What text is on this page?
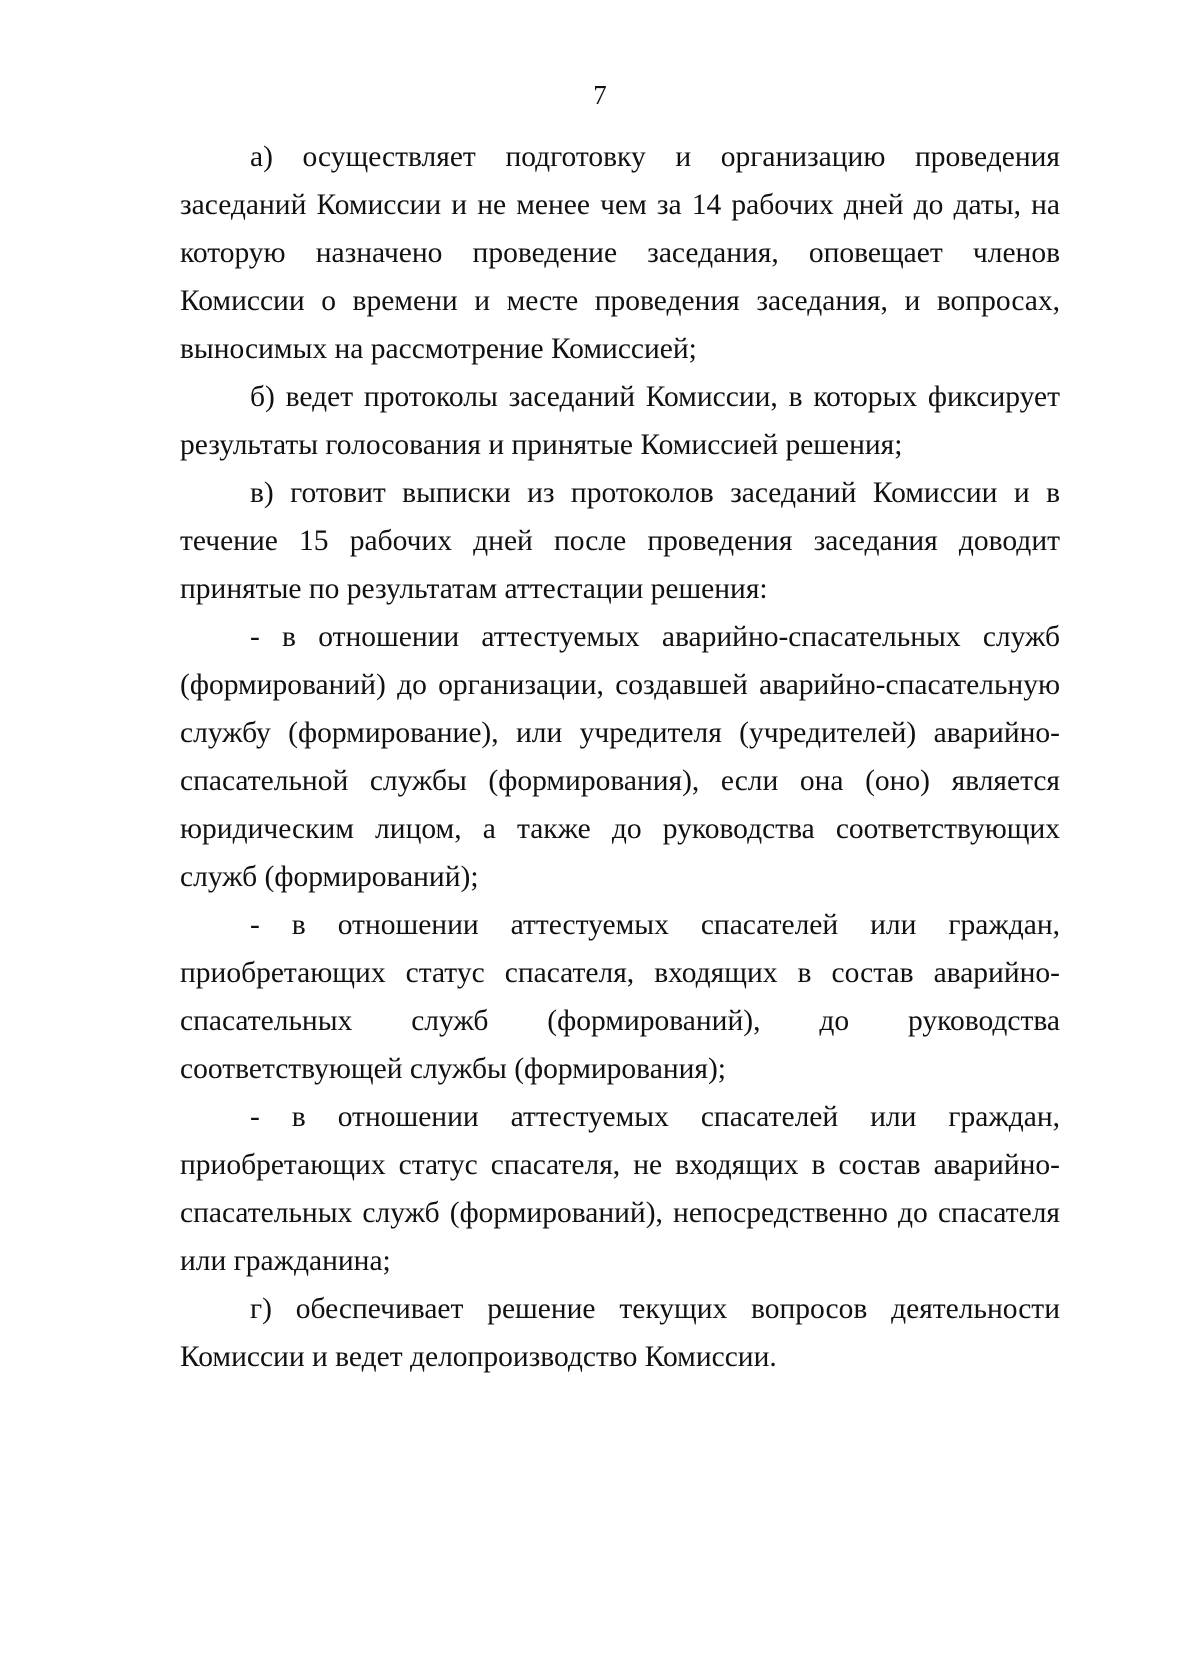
7

а) осуществляет подготовку и организацию проведения заседаний Комиссии и не менее чем за 14 рабочих дней до даты, на которую назначено проведение заседания, оповещает членов Комиссии о времени и месте проведения заседания, и вопросах, выносимых на рассмотрение Комиссией;

б) ведет протоколы заседаний Комиссии, в которых фиксирует результаты голосования и принятые Комиссией решения;

в) готовит выписки из протоколов заседаний Комиссии и в течение 15 рабочих дней после проведения заседания доводит принятые по результатам аттестации решения:

- в отношении аттестуемых аварийно-спасательных служб (формирований) до организации, создавшей аварийно-спасательную службу (формирование), или учредителя (учредителей) аварийно-спасательной службы (формирования), если она (оно) является юридическим лицом, а также до руководства соответствующих служб (формирований);

- в отношении аттестуемых спасателей или граждан, приобретающих статус спасателя, входящих в состав аварийно-спасательных служб (формирований), до руководства соответствующей службы (формирования);

- в отношении аттестуемых спасателей или граждан, приобретающих статус спасателя, не входящих в состав аварийно-спасательных служб (формирований), непосредственно до спасателя или гражданина;

г) обеспечивает решение текущих вопросов деятельности Комиссии и ведет делопроизводство Комиссии.
